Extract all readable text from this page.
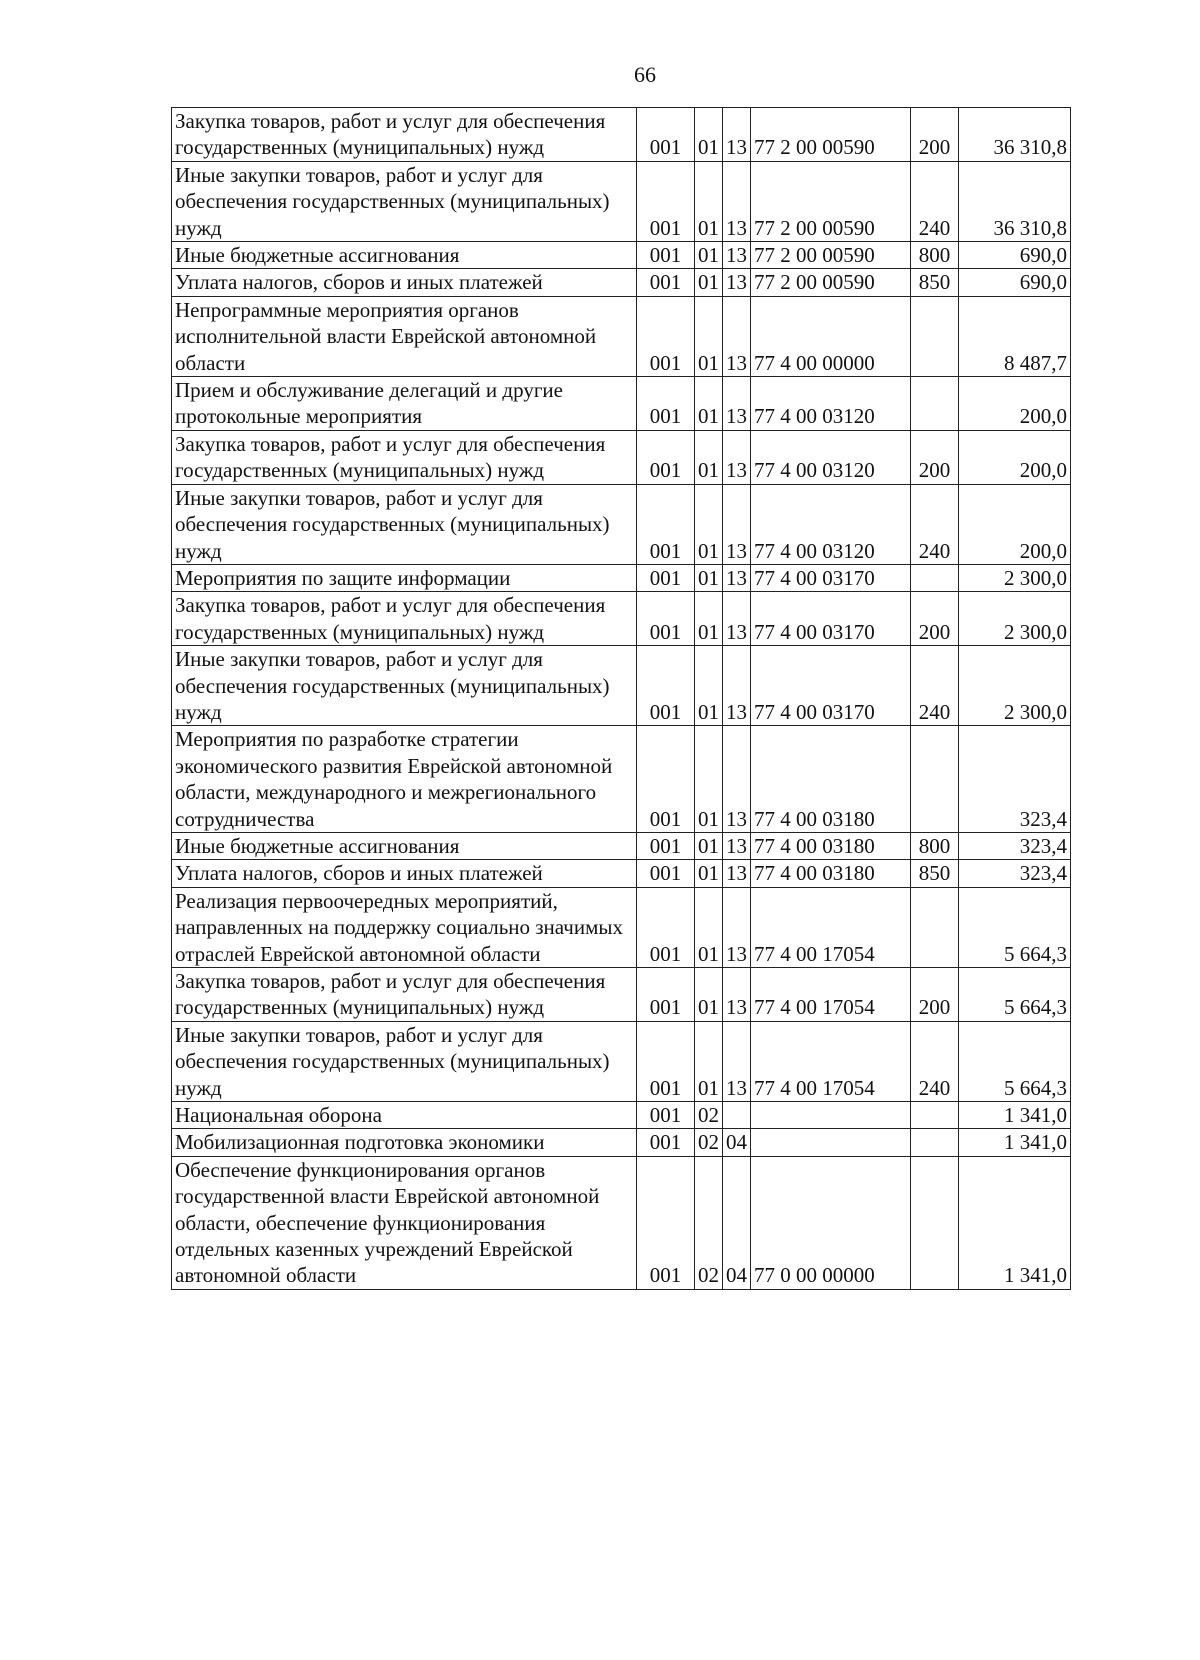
66
Закупка товаров, работ и услуг для обеспечения государственных (муниципальных) нужд	001	01	13	77 2 00 00590	200	36 310,8
Иные закупки товаров, работ и услуг для обеспечения государственных (муниципальных) нужд	001	01	13	77 2 00 00590	240	36 310,8
Иные бюджетные ассигнования	001	01	13	77 2 00 00590	800	690,0
Уплата налогов, сборов и иных платежей	001	01	13	77 2 00 00590	850	690,0
Непрограммные мероприятия органов исполнительной власти Еврейской автономной области	001	01	13	77 4 00 00000		8 487,7
Прием и обслуживание делегаций и другие протокольные мероприятия	001	01	13	77 4 00 03120		200,0
Закупка товаров, работ и услуг для обеспечения государственных (муниципальных) нужд	001	01	13	77 4 00 03120	200	200,0
Иные закупки товаров, работ и услуг для обеспечения государственных (муниципальных) нужд	001	01	13	77 4 00 03120	240	200,0
Мероприятия по защите информации	001	01	13	77 4 00 03170		2 300,0
Закупка товаров, работ и услуг для обеспечения государственных (муниципальных) нужд	001	01	13	77 4 00 03170	200	2 300,0
Иные закупки товаров, работ и услуг для обеспечения государственных (муниципальных) нужд	001	01	13	77 4 00 03170	240	2 300,0
Мероприятия по разработке стратегии экономического развития Еврейской автономной области, международного и межрегионального сотрудничества	001	01	13	77 4 00 03180		323,4
Иные бюджетные ассигнования	001	01	13	77 4 00 03180	800	323,4
Уплата налогов, сборов и иных платежей	001	01	13	77 4 00 03180	850	323,4
Реализация первоочередных мероприятий, направленных на поддержку социально значимых отраслей Еврейской автономной области	001	01	13	77 4 00 17054		5 664,3
Закупка товаров, работ и услуг для обеспечения государственных (муниципальных) нужд	001	01	13	77 4 00 17054	200	5 664,3
Иные закупки товаров, работ и услуг для обеспечения государственных (муниципальных) нужд	001	01	13	77 4 00 17054	240	5 664,3
Национальная оборона	001	02				1 341,0
Мобилизационная подготовка экономики	001	02	04			1 341,0
Обеспечение функционирования органов государственной власти Еврейской автономной области, обеспечение функционирования отдельных казенных учреждений Еврейской автономной области	001	02	04	77 0 00 00000		1 341,0
